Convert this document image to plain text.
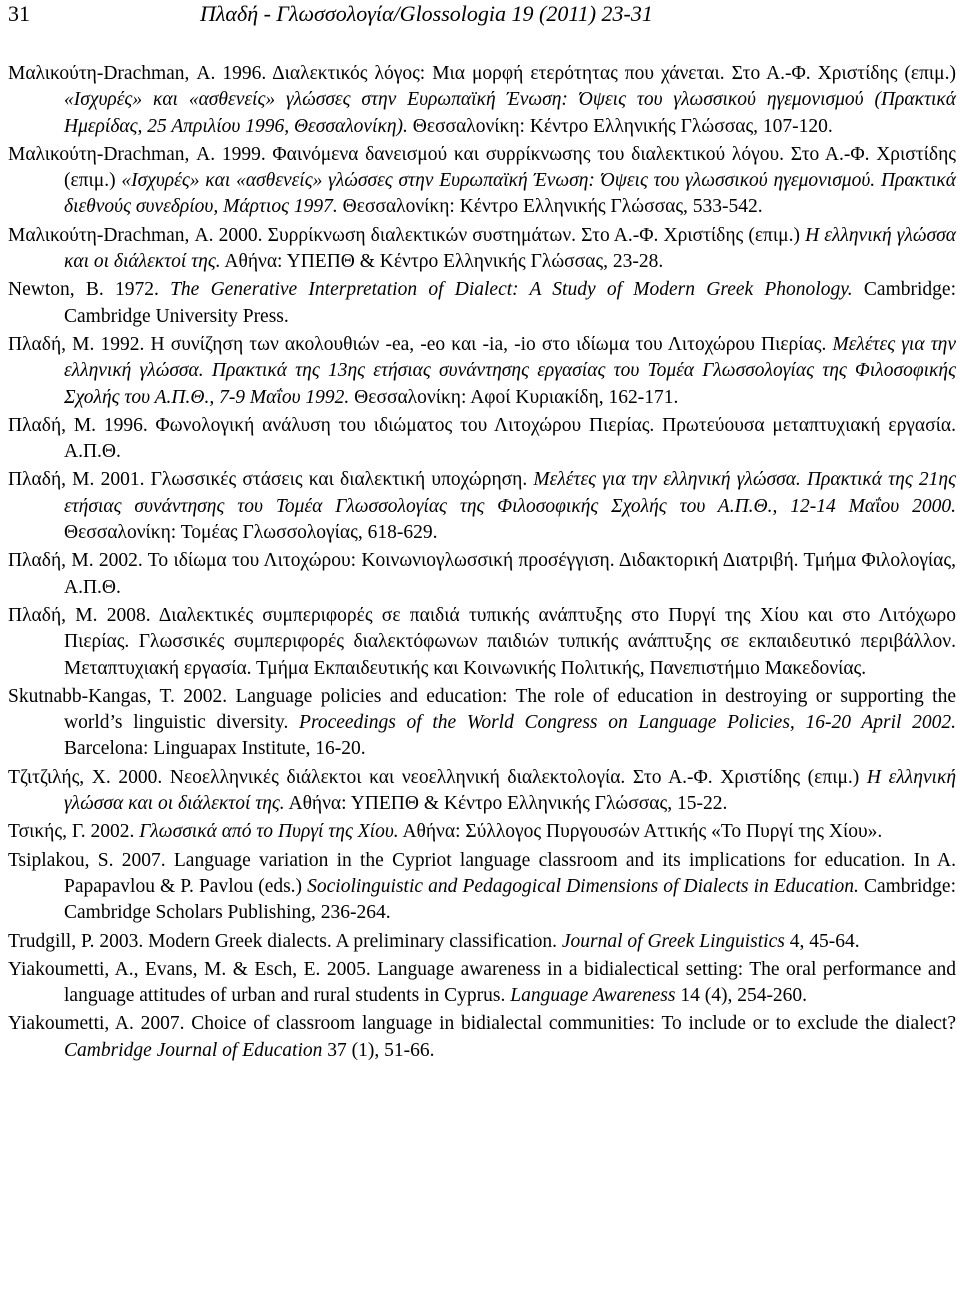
31	Πλαδή - Γλωσσολογία/Glossologia 19 (2011) 23-31

Μαλικούτη-Drachman, Α. 1996. Διαλεκτικός λόγος: Μια μορφή ετερότητας που χάνεται. Στο Α.-Φ. Χριστίδης (επιμ.) «Ισχυρές» και «ασθενείς» γλώσσες στην Ευρωπαϊκή Ένωση: Όψεις του γλωσσικού ηγεμονισμού (Πρακτικά Ημερίδας, 25 Απριλίου 1996, Θεσσαλονίκη). Θεσσαλονίκη: Κέντρο Ελληνικής Γλώσσας, 107-120.

Μαλικούτη-Drachman, Α. 1999. Φαινόμενα δανεισμού και συρρίκνωσης του διαλεκτικού λόγου. Στο Α.-Φ. Χριστίδης (επιμ.) «Ισχυρές» και «ασθενείς» γλώσσες στην Ευρωπαϊκή Ένωση: Όψεις του γλωσσικού ηγεμονισμού. Πρακτικά διεθνούς συνεδρίου, Μάρτιος 1997. Θεσσαλονίκη: Κέντρο Ελληνικής Γλώσσας, 533-542.

Μαλικούτη-Drachman, Α. 2000. Συρρίκνωση διαλεκτικών συστημάτων. Στο Α.-Φ. Χριστίδης (επιμ.) Η ελληνική γλώσσα και οι διάλεκτοί της. Αθήνα: ΥΠΕΠΘ & Κέντρο Ελληνικής Γλώσσας, 23-28.

Newton, B. 1972. The Generative Interpretation of Dialect: A Study of Modern Greek Phonology. Cambridge: Cambridge University Press.

Πλαδή, Μ. 1992. Η συνίζηση των ακολουθιών -ea, -eo και -ia, -io στο ιδίωμα του Λιτοχώρου Πιερίας. Μελέτες για την ελληνική γλώσσα. Πρακτικά της 13ης ετήσιας συνάντησης εργασίας του Τομέα Γλωσσολογίας της Φιλοσοφικής Σχολής του Α.Π.Θ., 7-9 Μαΐου 1992. Θεσσαλονίκη: Αφοί Κυριακίδη, 162-171.

Πλαδή, Μ. 1996. Φωνολογική ανάλυση του ιδιώματος του Λιτοχώρου Πιερίας. Πρωτεύουσα μεταπτυχιακή εργασία. Α.Π.Θ.

Πλαδή, Μ. 2001. Γλωσσικές στάσεις και διαλεκτική υποχώρηση. Μελέτες για την ελληνική γλώσσα. Πρακτικά της 21ης ετήσιας συνάντησης του Τομέα Γλωσσολογίας της Φιλοσοφικής Σχολής του Α.Π.Θ., 12-14 Μαΐου 2000. Θεσσαλονίκη: Τομέας Γλωσσολογίας, 618-629.

Πλαδή, Μ. 2002. Το ιδίωμα του Λιτοχώρου: Κοινωνιογλωσσική προσέγγιση. Διδακτορική Διατριβή. Τμήμα Φιλολογίας, Α.Π.Θ.

Πλαδή, Μ. 2008. Διαλεκτικές συμπεριφορές σε παιδιά τυπικής ανάπτυξης στο Πυργί της Χίου και στο Λιτόχωρο Πιερίας. Γλωσσικές συμπεριφορές διαλεκτόφωνων παιδιών τυπικής ανάπτυξης σε εκπαιδευτικό περιβάλλον. Μεταπτυχιακή εργασία. Τμήμα Εκπαιδευτικής και Κοινωνικής Πολιτικής, Πανεπιστήμιο Μακεδονίας.

Skutnabb-Kangas, T. 2002. Language policies and education: The role of education in destroying or supporting the world’s linguistic diversity. Proceedings of the World Congress on Language Policies, 16-20 April 2002. Barcelona: Linguapax Institute, 16-20.

Τζιτζιλής, Χ. 2000. Νεοελληνικές διάλεκτοι και νεοελληνική διαλεκτολογία. Στο Α.-Φ. Χριστίδης (επιμ.) Η ελληνική γλώσσα και οι διάλεκτοί της. Αθήνα: ΥΠΕΠΘ & Κέντρο Ελληνικής Γλώσσας, 15-22.

Τσικής, Γ. 2002. Γλωσσικά από το Πυργί της Χίου. Αθήνα: Σύλλογος Πυργουσών Αττικής «Το Πυργί της Χίου».

Tsiplakou, S. 2007. Language variation in the Cypriot language classroom and its implications for education. In A. Papapavlou & P. Pavlou (eds.) Sociolinguistic and Pedagogical Dimensions of Dialects in Education. Cambridge: Cambridge Scholars Publishing, 236-264.

Trudgill, P. 2003. Modern Greek dialects. A preliminary classification. Journal of Greek Linguistics 4, 45-64.

Yiakoumetti, A., Evans, M. & Esch, E. 2005. Language awareness in a bidialectical setting: The oral performance and language attitudes of urban and rural students in Cyprus. Language Awareness 14 (4), 254-260.

Yiakoumetti, A. 2007. Choice of classroom language in bidialectal communities: To include or to exclude the dialect? Cambridge Journal of Education 37 (1), 51-66.
